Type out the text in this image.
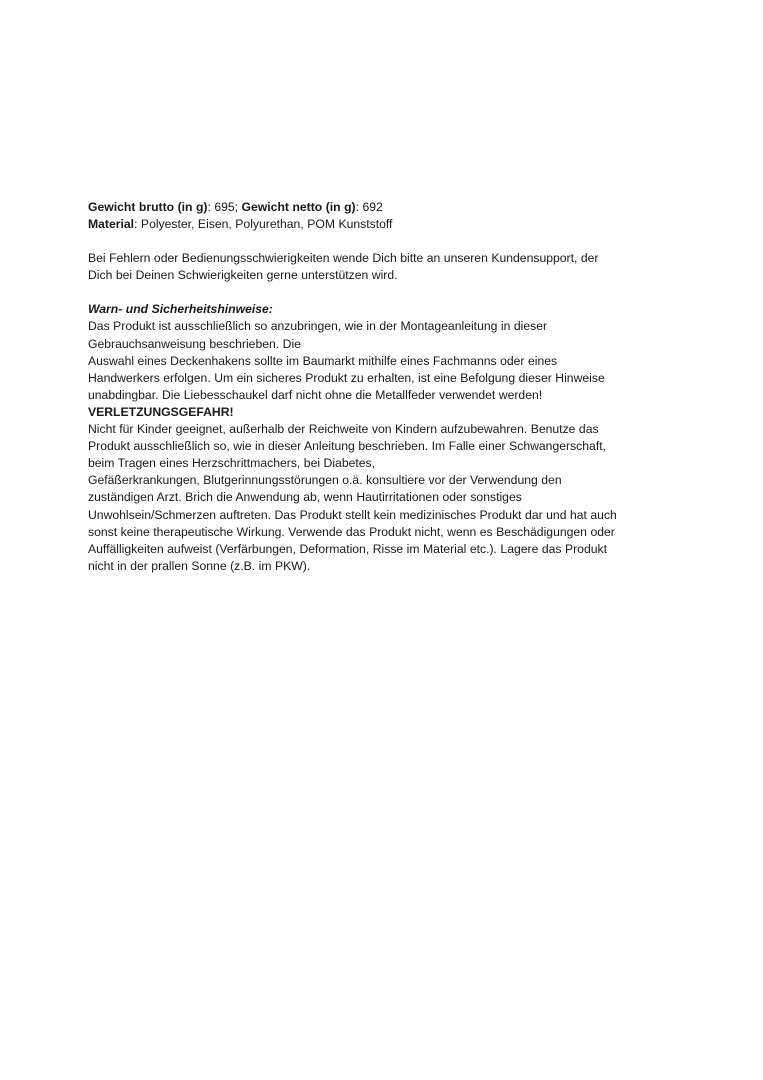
Gewicht brutto (in g): 695; Gewicht netto (in g): 692
Material: Polyester, Eisen, Polyurethan, POM Kunststoff

Bei Fehlern oder Bedienungsschwierigkeiten wende Dich bitte an unseren Kundensupport, der
Dich bei Deinen Schwierigkeiten gerne unterstützen wird.

Warn- und Sicherheitshinweise:
Das Produkt ist ausschließlich so anzubringen, wie in der Montageanleitung in dieser
Gebrauchsanweisung beschrieben. Die
Auswahl eines Deckenhakens sollte im Baumarkt mithilfe eines Fachmanns oder eines
Handwerkers erfolgen. Um ein sicheres Produkt zu erhalten, ist eine Befolgung dieser Hinweise
unabdingbar. Die Liebesschaukel darf nicht ohne die Metallfeder verwendet werden!
VERLETZUNGSGEFAHR!
Nicht für Kinder geeignet, außerhalb der Reichweite von Kindern aufzubewahren. Benutze das
Produkt ausschließlich so, wie in dieser Anleitung beschrieben. Im Falle einer Schwangerschaft,
beim Tragen eines Herzschrittmachers, bei Diabetes,
Gefäßerkrankungen, Blutgerinnungsstörungen o.ä. konsultiere vor der Verwendung den
zuständigen Arzt. Brich die Anwendung ab, wenn Hautirritationen oder sonstiges
Unwohlsein/Schmerzen auftreten. Das Produkt stellt kein medizinisches Produkt dar und hat auch
sonst keine therapeutische Wirkung. Verwende das Produkt nicht, wenn es Beschädigungen oder
Auffälligkeiten aufweist (Verfärbungen, Deformation, Risse im Material etc.). Lagere das Produkt
nicht in der prallen Sonne (z.B. im PKW).
